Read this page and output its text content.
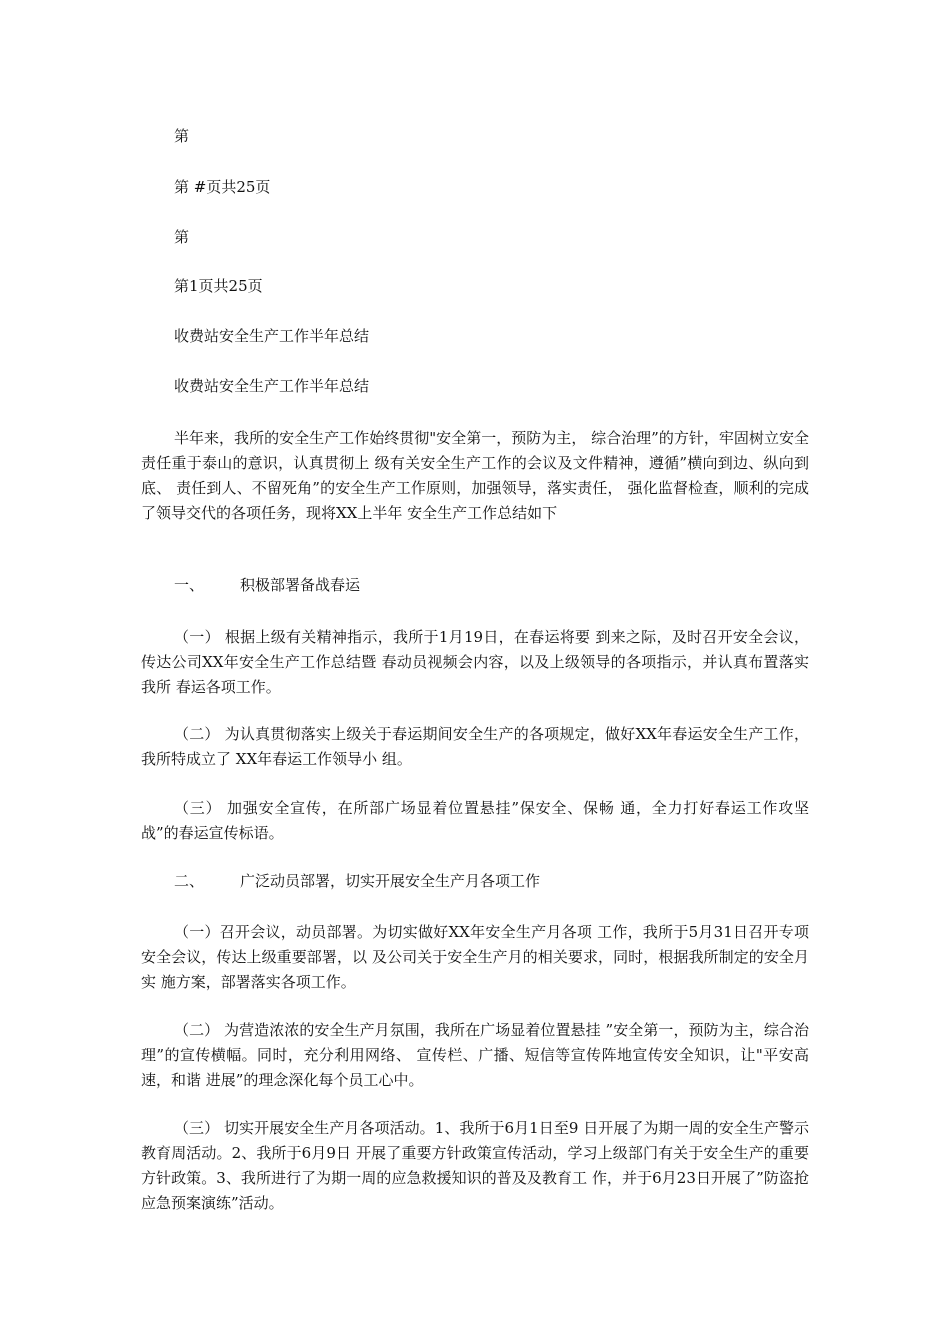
第
第 #页共25页
第
第1页共25页
收费站安全生产工作半年总结
收费站安全生产工作半年总结
半年来，我所的安全生产工作始终贯彻"安全第一，预防为主， 综合治理”的方针，牢固树立安全责任重于泰山的意识，认真贯彻上 级有关安全生产工作的会议及文件精神，遵循”横向到边、纵向到底、 责任到人、不留死角”的安全生产工作原则，加强领导，落实责任， 强化监督检查，顺利的完成了领导交代的各项任务，现将XX上半年 安全生产工作总结如下
一、 积极部署备战春运
（一） 根据上级有关精神指示，我所于1月19日，在春运将要 到来之际，及时召开安全会议，传达公司XX年安全生产工作总结暨 春动员视频会内容，以及上级领导的各项指示，并认真布置落实我所 春运各项工作。
（二） 为认真贯彻落实上级关于春运期间安全生产的各项规定，做好XX年春运安全生产工作，我所特成立了 XX年春运工作领导小 组。
（三） 加强安全宣传，在所部广场显着位置悬挂”保安全、保畅 通，全力打好春运工作攻坚战”的春运宣传标语。
二、 广泛动员部署，切实开展安全生产月各项工作
（一）召开会议，动员部署。为切实做好XX年安全生产月各项 工作，我所于5月31日召开专项安全会议，传达上级重要部署，以 及公司关于安全生产月的相关要求，同时，根据我所制定的安全月实 施方案，部署落实各项工作。
（二） 为营造浓浓的安全生产月氛围，我所在广场显着位置悬挂 ”安全第一，预防为主，综合治理”的宣传横幅。同时，充分利用网络、 宣传栏、广播、短信等宣传阵地宣传安全知识，让"平安高速，和谐 进展”的理念深化每个员工心中。
（三） 切实开展安全生产月各项活动。1、我所于6月1日至9 日开展了为期一周的安全生产警示教育周活动。2、我所于6月9日 开展了重要方针政策宣传活动，学习上级部门有关于安全生产的重要 方针政策。3、我所进行了为期一周的应急救援知识的普及及教育工 作，并于6月23日开展了”防盗抢应急预案演练”活动。
